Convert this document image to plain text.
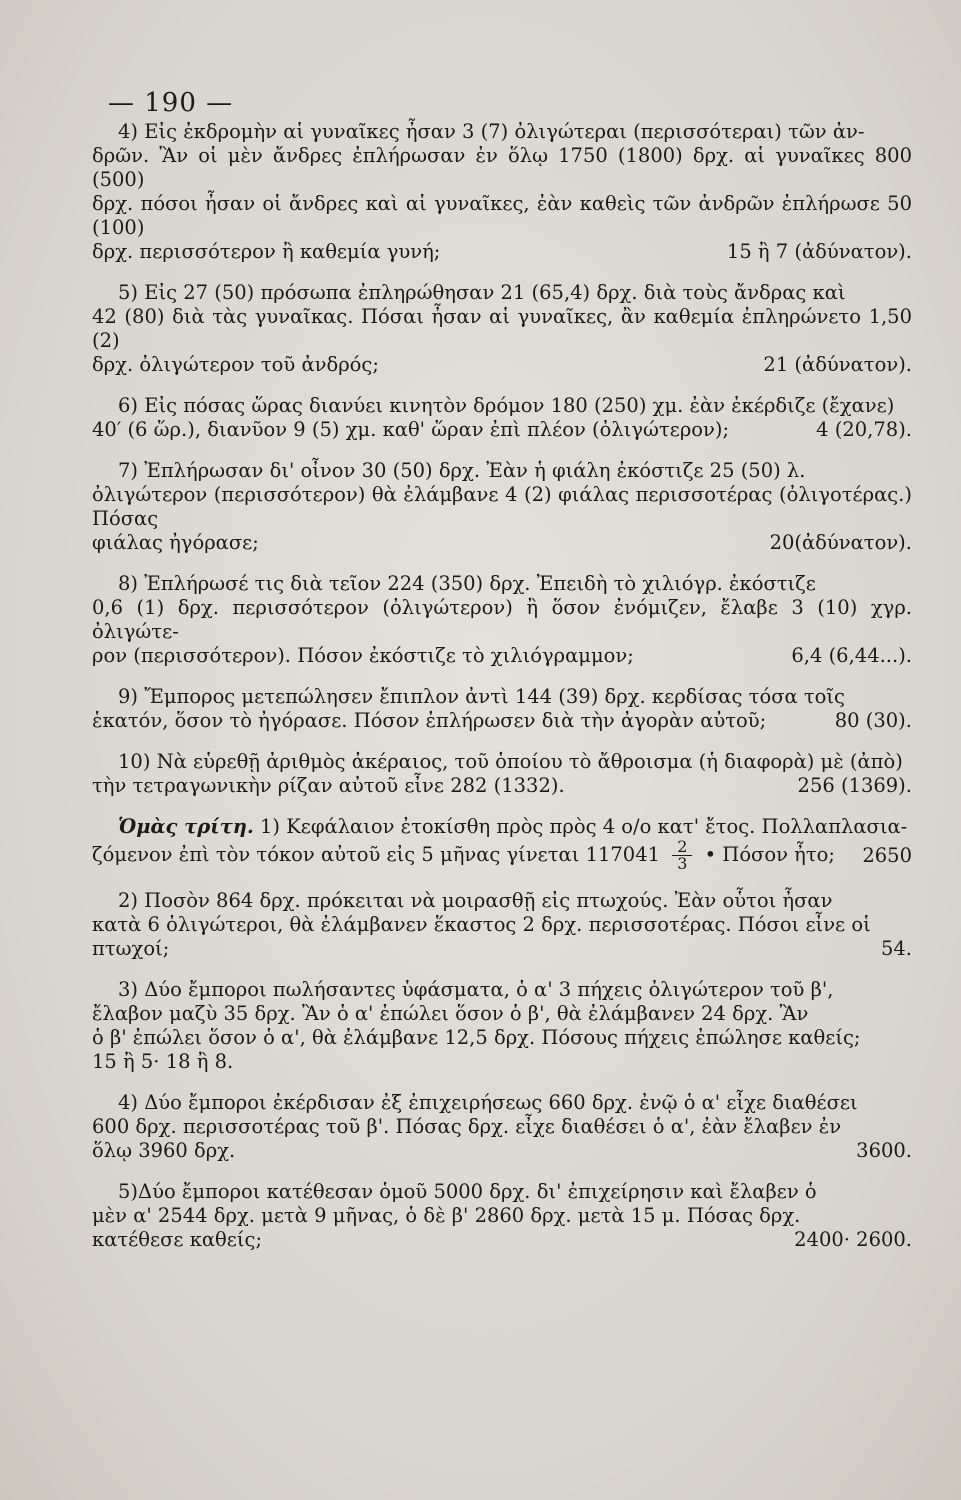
— 190 —

4) Εἰς ἐκδρομὴν αἱ γυναῖκες ἦσαν 3 (7) ὀλιγώτεραι (περισσότεραι) τῶν ἀν-

δρῶν. Ἂν οἱ μὲν ἄνδρες ἐπλήρωσαν ἐν ὅλῳ 1750 (1800) δρχ. αἱ γυναῖκες 800 (500)

δρχ. πόσοι ἦσαν οἱ ἄνδρες καὶ αἱ γυναῖκες, ἐὰν καθεὶς τῶν ἀνδρῶν ἐπλήρωσε 50 (100)

δρχ. περισσότερον ἢ καθεμία γυνή;	15 ἢ 7 (ἀδύνατον).

5) Εἰς 27 (50) πρόσωπα ἐπληρώθησαν 21 (65,4) δρχ. διὰ τοὺς ἄνδρας καὶ

42 (80) διὰ τὰς γυναῖκας. Πόσαι ἦσαν αἱ γυναῖκες, ἂν καθεμία ἐπληρώνετο 1,50 (2)

δρχ. ὀλιγώτερον τοῦ ἀνδρός;	21 (ἀδύνατον).

6) Εἰς πόσας ὥρας διανύει κινητὸν δρόμον 180 (250) χμ. ἐὰν ἐκέρδιζε (ἔχανε)

40′ (6 ὥρ.), διανῦον 9 (5) χμ. καθ' ὥραν ἐπὶ πλέον (ὀλιγώτερον);	4 (20,78).

7) Ἐπλήρωσαν δι' οἶνον 30 (50) δρχ. Ἐὰν ἡ φιάλη ἐκόστιζε 25 (50) λ.

ὀλιγώτερον (περισσότερον) θὰ ἐλάμβανε 4 (2) φιάλας περισσοτέρας (ὀλιγοτέρας.) Πόσας

φιάλας ἠγόρασε;	20(ἀδύνατον).

8) Ἐπλήρωσέ τις διὰ τεῖον 224 (350) δρχ. Ἐπειδὴ τὸ χιλιόγρ. ἐκόστιζε

0,6 (1) δρχ. περισσότερον (ὀλιγώτερον) ἢ ὅσον ἐνόμιζεν, ἔλαβε 3 (10) χγρ. ὀλιγώτε-

ρον (περισσότερον). Πόσον ἐκόστιζε τὸ χιλιόγραμμον;	6,4 (6,44...).

9) Ἔμπορος μετεπώλησεν ἔπιπλον ἀντὶ 144 (39) δρχ. κερδίσας τόσα τοῖς

ἑκατόν, ὅσον τὸ ἠγόρασε. Πόσον ἐπλήρωσεν διὰ τὴν ἀγορὰν αὐτοῦ;	80 (30).

10) Νὰ εὑρεθῇ ἀριθμὸς ἀκέραιος, τοῦ ὁποίου τὸ ἄθροισμα (ἡ διαφορὰ) μὲ (ἀπὸ)

τὴν τετραγωνικὴν ρίζαν αὐτοῦ εἶνε 282 (1332).	256 (1369).

Ὁμὰς τρίτη. 1) Κεφάλαιον ἐτοκίσθη πρὸς πρὸς 4 ο/ο κατ' ἔτος. Πολλαπλασια-

ζόμενον ἐπὶ τὸν τόκον αὐτοῦ εἰς 5 μῆνας γίνεται $117041 \frac{2}{3}$ • Πόσον ἦτο; 2650

2) Ποσὸν 864 δρχ. πρόκειται νὰ μοιρασθῇ εἰς πτωχούς. Ἐὰν οὗτοι ἦσαν

κατὰ 6 ὀλιγώτεροι, θὰ ἐλάμβανεν ἕκαστος 2 δρχ. περισσοτέρας. Πόσοι εἶνε οἱ

πτωχοί;	54.

3) Δύο ἔμποροι πωλήσαντες ὑφάσματα, ὁ α' 3 πήχεις ὀλιγώτερον τοῦ β',

ἔλαβον μαζὺ 35 δρχ. Ἂν ὁ α' ἐπώλει ὅσον ὁ β', θὰ ἐλάμβανεν 24 δρχ. Ἂν

ὁ β' ἐπώλει ὅσον ὁ α', θὰ ἐλάμβανε 12,5 δρχ. Πόσους πήχεις ἐπώλησε καθείς;

15 ἢ 5· 18 ἢ 8.

4) Δύο ἔμποροι ἐκέρδισαν ἐξ ἐπιχειρήσεως 660 δρχ. ἐνῷ ὁ α' εἶχε διαθέσει

600 δρχ. περισσοτέρας τοῦ β'. Πόσας δρχ. εἶχε διαθέσει ὁ α', ἐὰν ἔλαβεν ἐν

ὅλῳ 3960 δρχ.	3600.

5)Δύο ἔμποροι κατέθεσαν ὁμοῦ 5000 δρχ. δι' ἐπιχείρησιν καὶ ἔλαβεν ὁ

μὲν α' 2544 δρχ. μετὰ 9 μῆνας, ὁ δὲ β' 2860 δρχ. μετὰ 15 μ. Πόσας δρχ.

κατέθεσε καθείς;	2400· 2600.
